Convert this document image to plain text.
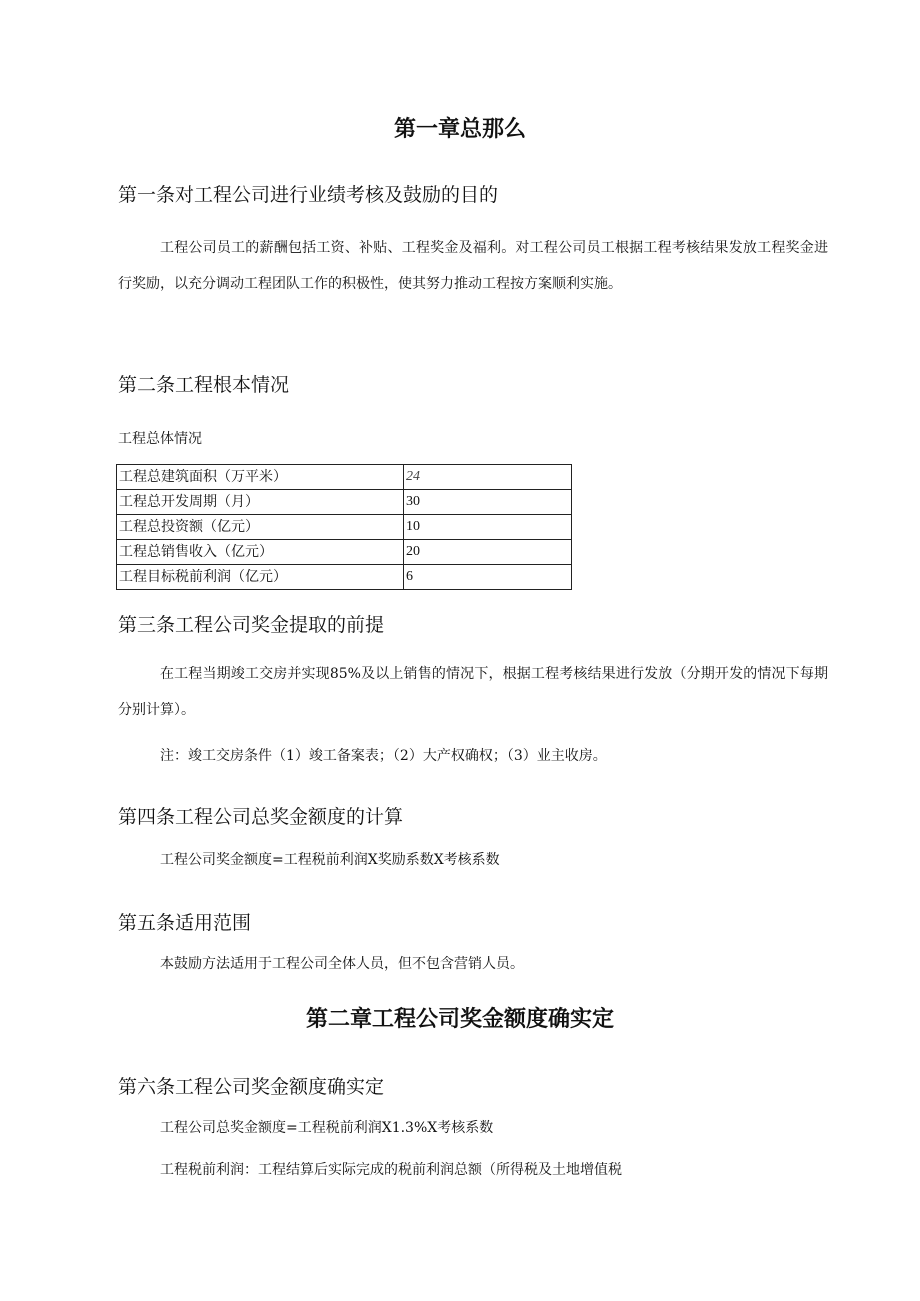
第一章总那么
第一条对工程公司进行业绩考核及鼓励的目的

工程公司员工的薪酬包括工资、补贴、工程奖金及福利。对工程公司员工根据工程考核结果发放工程奖金进行奖励，以充分调动工程团队工作的积极性，使其努力推动工程按方案顺利实施。

第二条工程根本情况

工程总体情况

工程总建筑面积（万平米）	24
工程总开发周期（月）	30
工程总投资额（亿元）	10
工程总销售收入（亿元）	20
工程目标税前利润（亿元）	6
第三条工程公司奖金提取的前提

在工程当期竣工交房并实现85%及以上销售的情况下，根据工程考核结果进行发放（分期开发的情况下每期分别计算）。

注：竣工交房条件（1）竣工备案表；（2）大产权确权；（3）业主收房。

第四条工程公司总奖金额度的计算

工程公司奖金额度=工程税前利润X奖励系数X考核系数

第五条适用范围

本鼓励方法适用于工程公司全体人员，但不包含营销人员。

第二章工程公司奖金额度确实定
第六条工程公司奖金额度确实定

工程公司总奖金额度=工程税前利润X1.3%X考核系数

工程税前利润：工程结算后实际完成的税前利润总额（所得税及土地增值税
